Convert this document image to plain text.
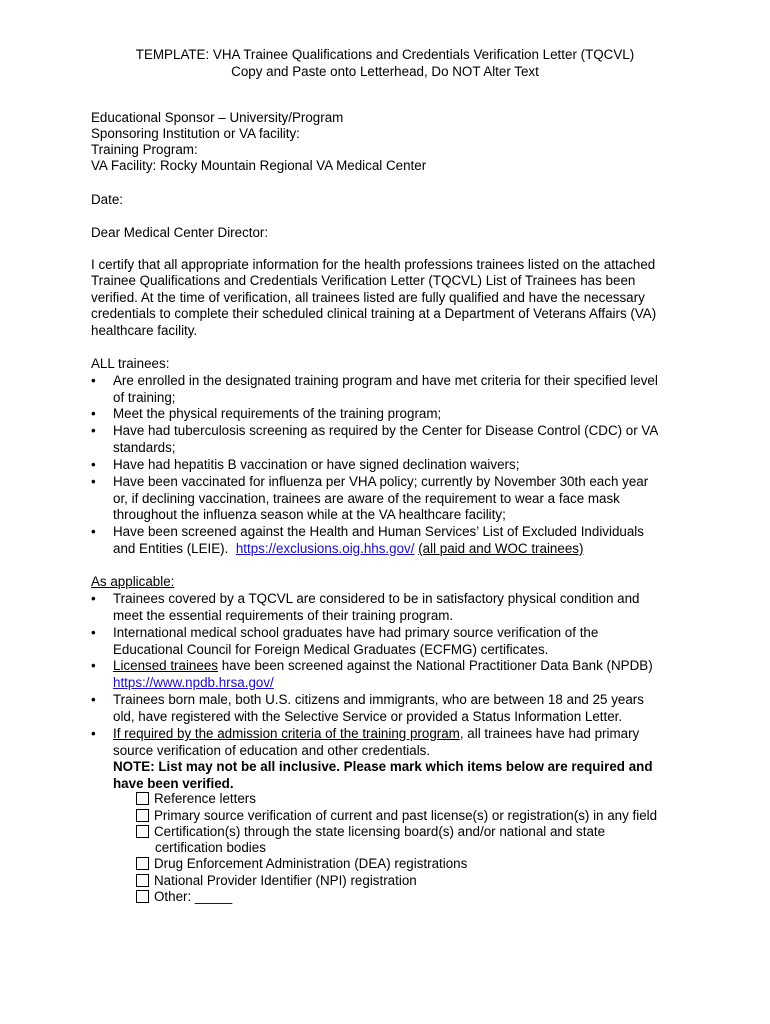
TEMPLATE: VHA Trainee Qualifications and Credentials Verification Letter (TQCVL)
Copy and Paste onto Letterhead, Do NOT Alter Text
Educational Sponsor – University/Program
Sponsoring Institution or VA facility:
Training Program:
VA Facility: Rocky Mountain Regional VA Medical Center
Date:
Dear Medical Center Director:
I certify that all appropriate information for the health professions trainees listed on the attached
Trainee Qualifications and Credentials Verification Letter (TQCVL) List of Trainees has been
verified. At the time of verification, all trainees listed are fully qualified and have the necessary
credentials to complete their scheduled clinical training at a Department of Veterans Affairs (VA)
healthcare facility.
ALL trainees:
• Are enrolled in the designated training program and have met criteria for their specified level
of training;
• Meet the physical requirements of the training program;
• Have had tuberculosis screening as required by the Center for Disease Control (CDC) or VA
standards;
• Have had hepatitis B vaccination or have signed declination waivers;
• Have been vaccinated for influenza per VHA policy; currently by November 30th each year
or, if declining vaccination, trainees are aware of the requirement to wear a face mask
throughout the influenza season while at the VA healthcare facility;
• Have been screened against the Health and Human Services’ List of Excluded Individuals
and Entities (LEIE).  https://exclusions.oig.hhs.gov/ (all paid and WOC trainees)
As applicable:
• Trainees covered by a TQCVL are considered to be in satisfactory physical condition and
meet the essential requirements of their training program.
• International medical school graduates have had primary source verification of the
Educational Council for Foreign Medical Graduates (ECFMG) certificates.
• Licensed trainees have been screened against the National Practitioner Data Bank (NPDB)
https://www.npdb.hrsa.gov/
• Trainees born male, both U.S. citizens and immigrants, who are between 18 and 25 years
old, have registered with the Selective Service or provided a Status Information Letter.
• If required by the admission criteria of the training program, all trainees have had primary
source verification of education and other credentials.
NOTE: List may not be all inclusive. Please mark which items below are required and
have been verified.
Reference letters
Primary source verification of current and past license(s) or registration(s) in any field
Certification(s) through the state licensing board(s) and/or national and state
certification bodies
Drug Enforcement Administration (DEA) registrations
National Provider Identifier (NPI) registration
Other: _____
